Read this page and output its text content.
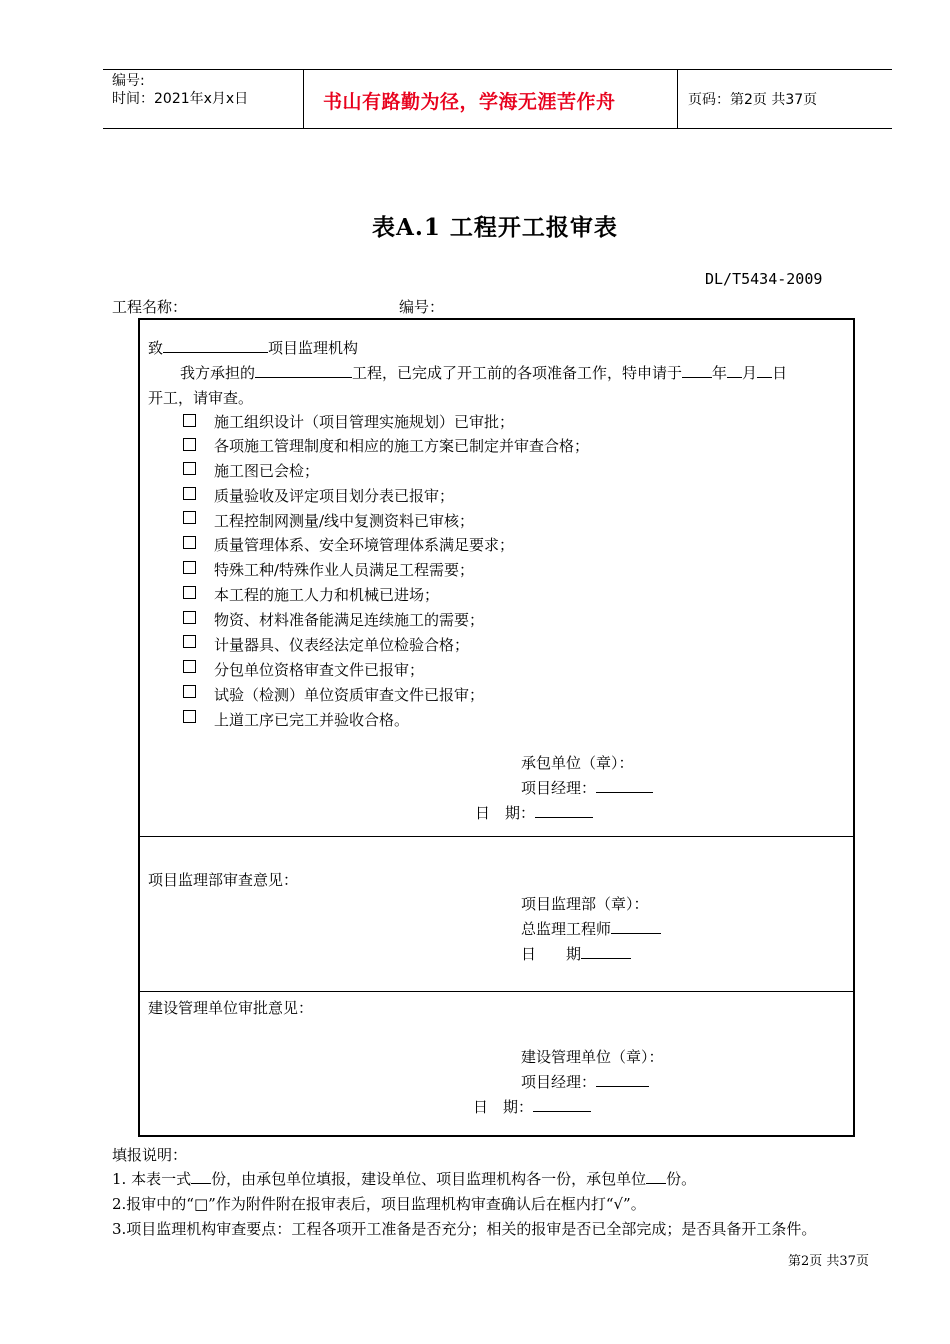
编号:
时间：2021年x月x日	书山有路勤为径，学海无涯苦作舟	页码：第2页 共37页
表A.1 工程开工报审表
DL/T5434-2009
工程名称：	编号：
致	项目监理机构
我方承担的	工程，已完成了开工前的各项准备工作，特申请于 年 月 日
开工，请审查。
施工组织设计（项目管理实施规划）已审批；
各项施工管理制度和相应的施工方案已制定并审查合格；
施工图已会检；
质量验收及评定项目划分表已报审；
工程控制网测量/线中复测资料已审核；
质量管理体系、安全环境管理体系满足要求；
特殊工种/特殊作业人员满足工程需要；
本工程的施工人力和机械已进场；
物资、材料准备能满足连续施工的需要；
计量器具、仪表经法定单位检验合格；
分包单位资格审查文件已报审；
试验（检测）单位资质审查文件已报审；
上道工序已完工并验收合格。
承包单位（章）：
项目经理：
日　期：
项目监理部审查意见：
项目监理部（章）：
总监理工程师
日　　期
建设管理单位审批意见：
建设管理单位（章）：
项目经理：
日　期：
填报说明：
1. 本表一式 份，由承包单位填报，建设单位、项目监理机构各一份，承包单位 份。
2.报审中的“□”作为附件附在报审表后，项目监理机构审查确认后在框内打“√”。
3.项目监理机构审查要点：工程各项开工准备是否充分；相关的报审是否已全部完成；是否具备开工条件。
第2页 共37页
